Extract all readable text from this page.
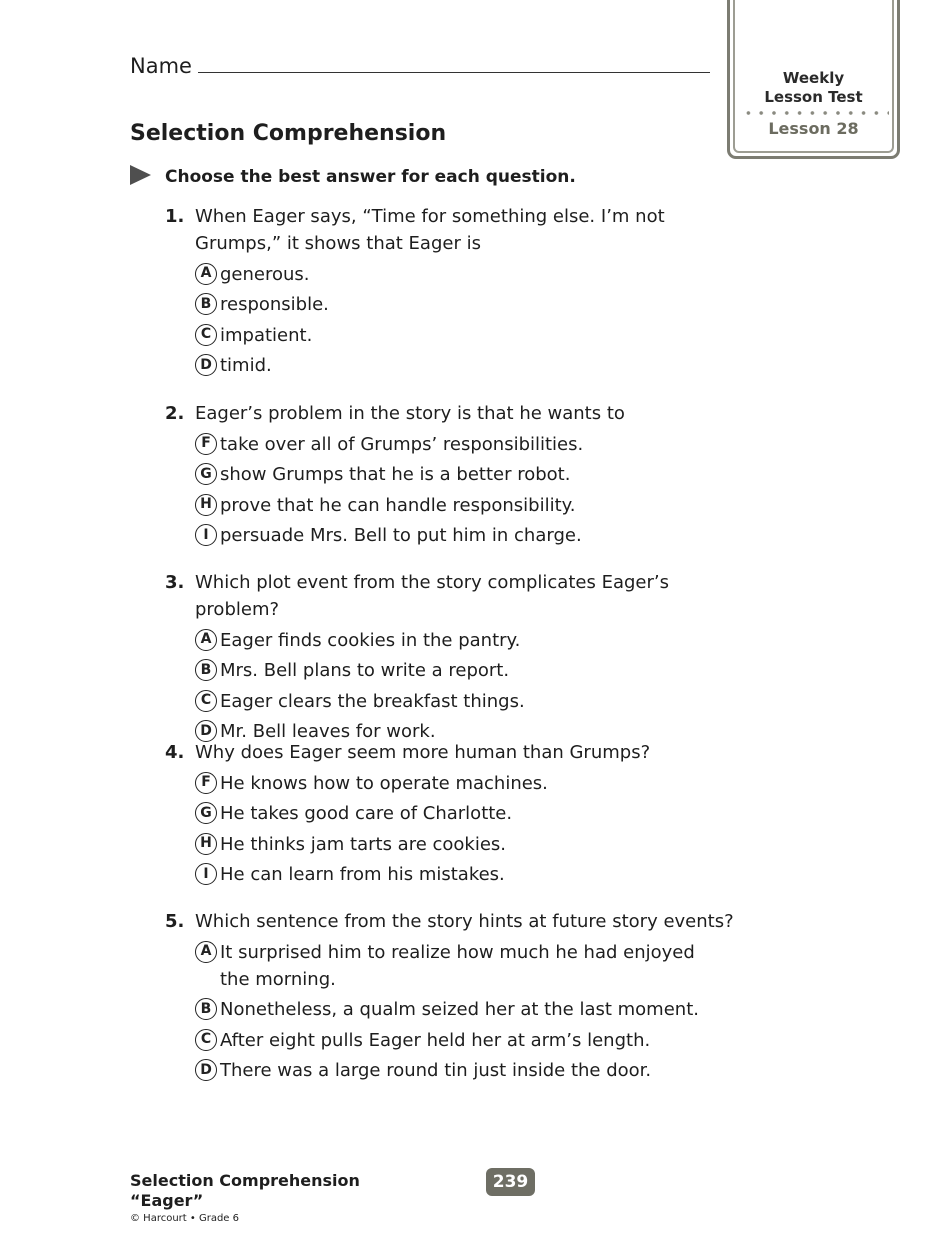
Name	Weekly
Lesson Test
Lesson 28
Selection Comprehension
Choose the best answer for each question.
1. When Eager says, “Time for something else. I’m not Grumps,” it shows that Eager is
A generous.
B responsible.
C impatient.
D timid.
2. Eager’s problem in the story is that he wants to
F take over all of Grumps’ responsibilities.
G show Grumps that he is a better robot.
H prove that he can handle responsibility.
I persuade Mrs. Bell to put him in charge.
3. Which plot event from the story complicates Eager’s problem?
A Eager finds cookies in the pantry.
B Mrs. Bell plans to write a report.
C Eager clears the breakfast things.
D Mr. Bell leaves for work.
4. Why does Eager seem more human than Grumps?
F He knows how to operate machines.
G He takes good care of Charlotte.
H He thinks jam tarts are cookies.
I He can learn from his mistakes.
5. Which sentence from the story hints at future story events?
A It surprised him to realize how much he had enjoyed the morning.
B Nonetheless, a qualm seized her at the last moment.
C After eight pulls Eager held her at arm’s length.
D There was a large round tin just inside the door.
Selection Comprehension
“Eager”
© Harcourt • Grade 6
239
